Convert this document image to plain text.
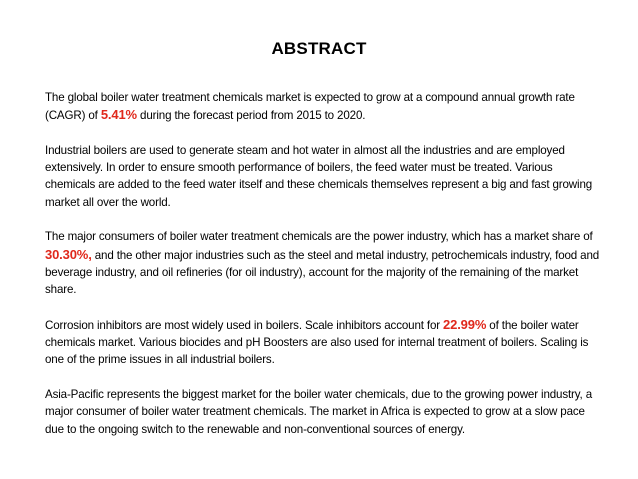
ABSTRACT

The global boiler water treatment chemicals market is expected to grow at a compound annual growth rate (CAGR) of 5.41% during the forecast period from 2015 to 2020.

Industrial boilers are used to generate steam and hot water in almost all the industries and are employed extensively. In order to ensure smooth performance of boilers, the feed water must be treated. Various chemicals are added to the feed water itself and these chemicals themselves represent a big and fast growing market all over the world.

The major consumers of boiler water treatment chemicals are the power industry, which has a market share of 30.30%, and the other major industries such as the steel and metal industry, petrochemicals industry, food and beverage industry, and oil refineries (for oil industry), account for the majority of the remaining of the market share.

Corrosion inhibitors are most widely used in boilers. Scale inhibitors account for 22.99% of the boiler water chemicals market. Various biocides and pH Boosters are also used for internal treatment of boilers. Scaling is one of the prime issues in all industrial boilers.

Asia-Pacific represents the biggest market for the boiler water chemicals, due to the growing power industry, a major consumer of boiler water treatment chemicals. The market in Africa is expected to grow at a slow pace due to the ongoing switch to the renewable and non-conventional sources of energy.
